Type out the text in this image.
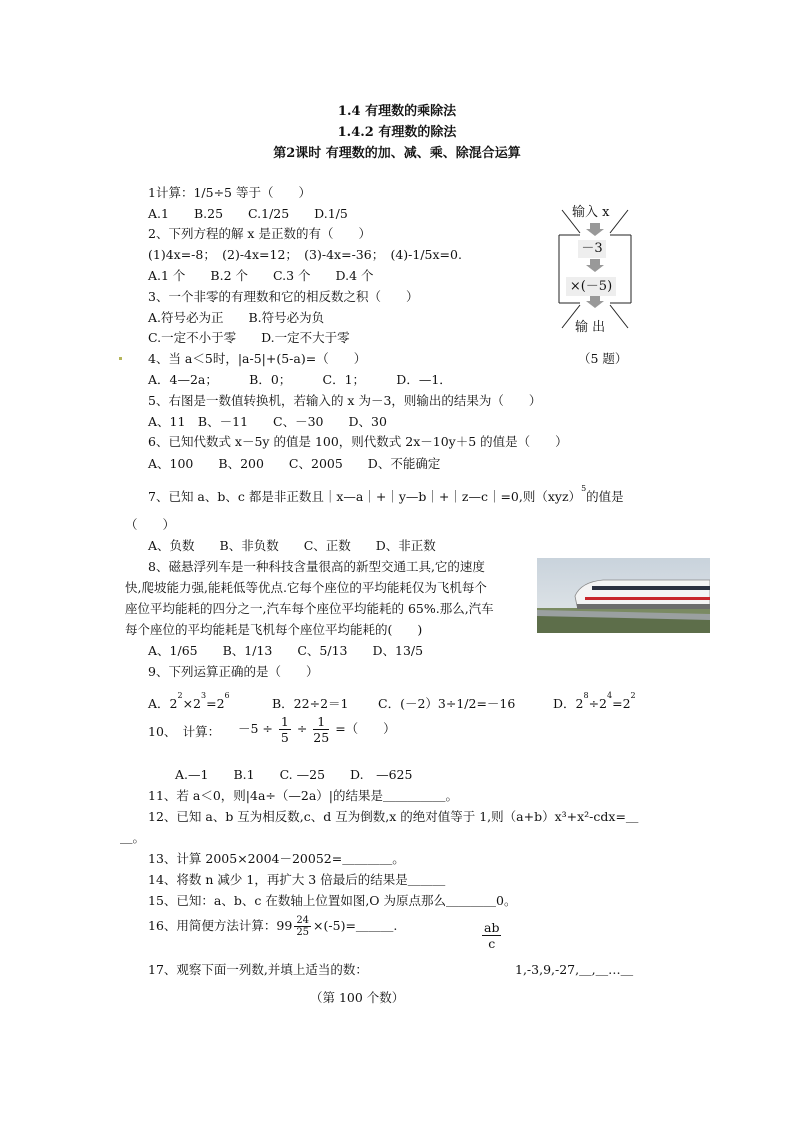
1.4 有理数的乘除法
1.4.2 有理数的除法
第2课时 有理数的加、减、乘、除混合运算
1计算：1/5÷5 等于（　　）
A.1　　B.25　　C.1/25　　D.1/5
2、下列方程的解 x 是正数的有（　　）
(1)4x=-8；　(2)-4x=12；　(3)-4x=-36；　(4)-1/5x=0.
A.1 个　　B.2 个　　C.3 个　　D.4 个
3、一个非零的有理数和它的相反数之积（　　）
A.符号必为正　　B.符号必为负
C.一定不小于零　　D.一定不大于零
4、当 a＜5时，|a-5|+(5-a)=（　　）
A．4—2a；　　　B．0；　　　C．1；　　　D．—1．
5、右图是一数值转换机，若输入的 x 为－3，则输出的结果为（　　）
A、11　B、－11　　C、－30　　D、30
6、已知代数式 x－5y 的值是 100，则代数式 2x－10y＋5 的值是（　　）
A、100　　B、200　　C、2005　　D、不能确定
7、已知 a、b、c 都是非正数且｜x—a｜+｜y—b｜+｜z—c｜=0,则（xyz）$^5$的值是
（　　）
A、负数　　B、非负数　　C、正数　　D、非正数
8、磁悬浮列车是一种科技含量很高的新型交通工具,它的速度
快,爬坡能力强,能耗低等优点.它每个座位的平均能耗仅为飞机每个
座位平均能耗的四分之一,汽车每个座位平均能耗的 65%.那么,汽车
每个座位的平均能耗是飞机每个座位平均能耗的(　　)
A、1/65　　B、1/13　　C、5/13　　D、13/5
9、下列运算正确的是（　　）
A．$2^2\times 2^3=2^6$
B．22÷2＝1 C．(－2）3÷1/2=－16	D．$2^8\div 2^4=2^2$
10、　计算： $-5 \div \frac{1}{5} \div \frac{1}{25}$ =（　　）
A.—1　　B.1　　C. —25　　D.　—625
11、若 a＜0，则|4a÷（—2a）|的结果是＿＿＿＿＿。
12、已知 a、b 互为相反数,c、d 互为倒数,x 的绝对值等于 1,则（a+b）x³+x²-cdx=＿
＿。
13、计算 2005×2004－20052=＿＿＿＿。
14、将数 n 减少 1，再扩大 3 倍最后的结果是＿＿＿
15、已知：a、b、c 在数轴上位置如图,O 为原点那么＿＿＿＿0。
16、用简便方法计算：$99 \frac{24}{25}$ ×(-5)=＿＿＿.	$\frac{ab}{c}$
17、观察下面一列数,并填上适当的数：	1,-3,9,-27,＿,＿…＿
（第 100 个数）
输入 x
－3
×(－5)
输 出
（5 题）
